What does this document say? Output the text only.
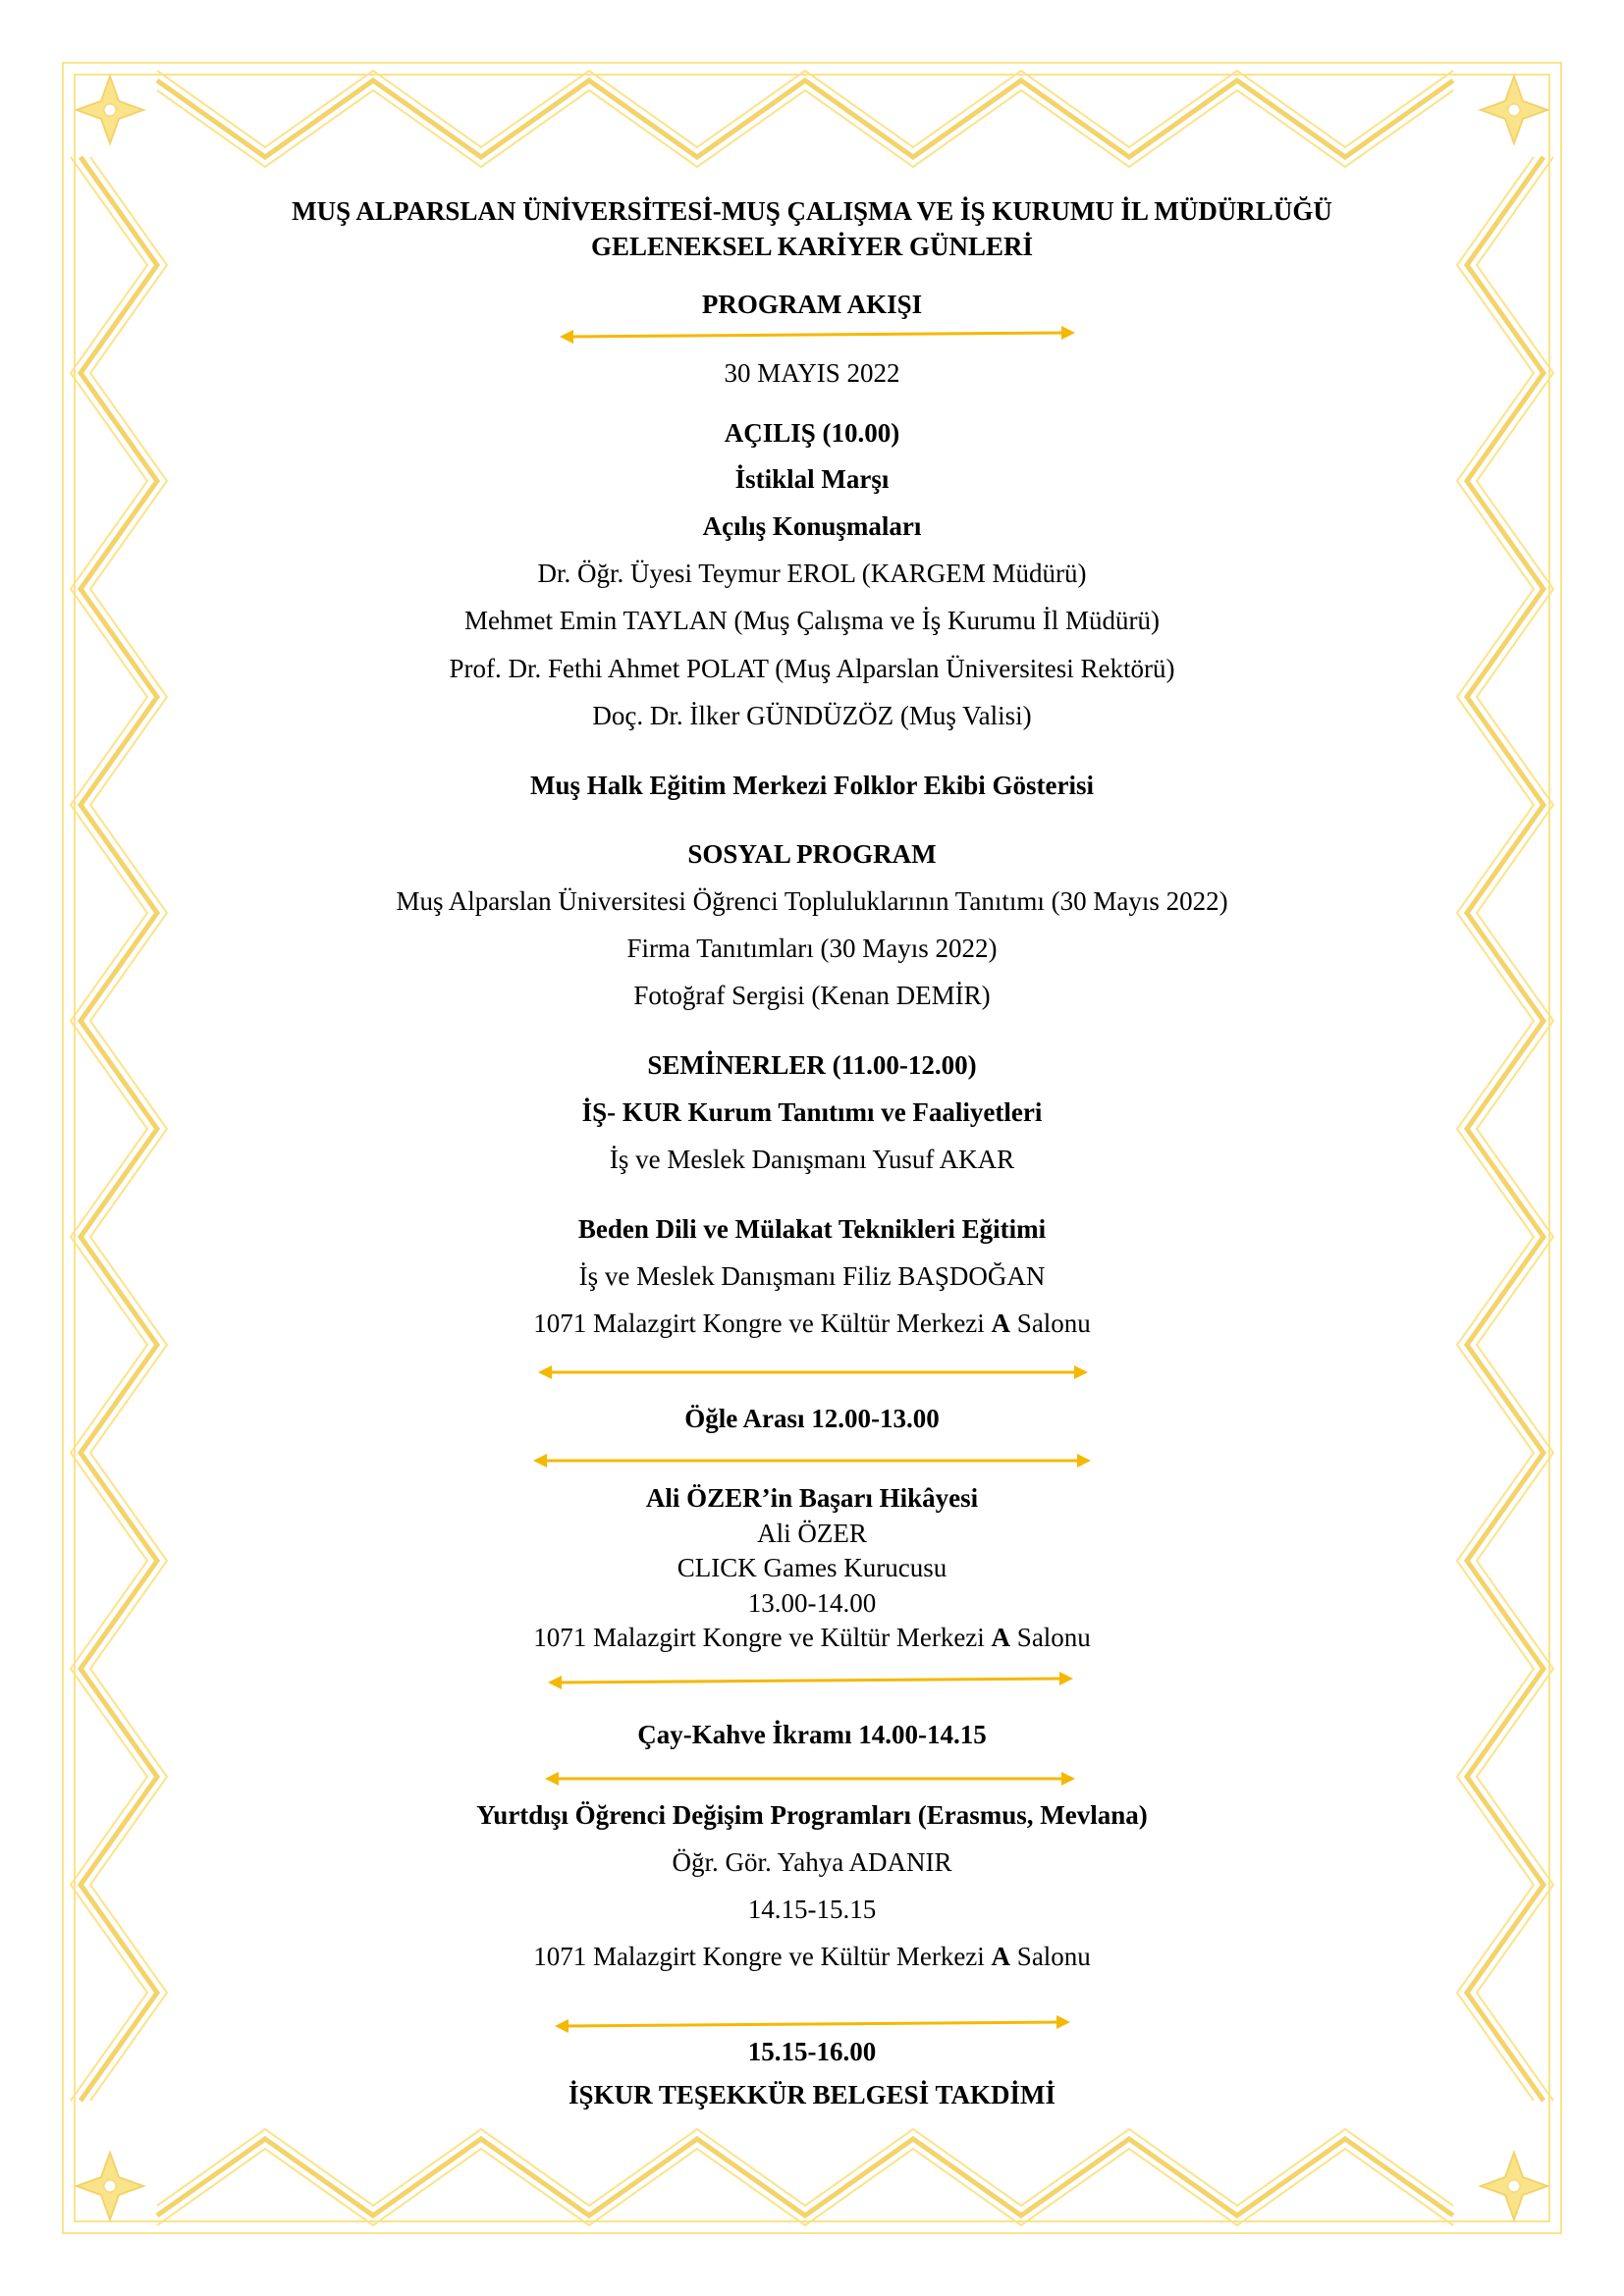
MUŞ ALPARSLAN ÜNİVERSİTESİ-MUŞ ÇALIŞMA VE İŞ KURUMU İL MÜDÜRLÜĞÜ
GELENEKSEL KARİYER GÜNLERİ
PROGRAM AKIŞI
30 MAYIS 2022
AÇILIŞ (10.00)
İstiklal Marşı
Açılış Konuşmaları
Dr. Öğr. Üyesi Teymur EROL (KARGEM Müdürü)
Mehmet Emin TAYLAN (Muş Çalışma ve İş Kurumu İl Müdürü)
Prof. Dr. Fethi Ahmet POLAT (Muş Alparslan Üniversitesi Rektörü)
Doç. Dr. İlker GÜNDÜZÖZ (Muş Valisi)
Muş Halk Eğitim Merkezi Folklor Ekibi Gösterisi
SOSYAL PROGRAM
Muş Alparslan Üniversitesi Öğrenci Topluluklarının Tanıtımı (30 Mayıs 2022)
Firma Tanıtımları (30 Mayıs 2022)
Fotoğraf Sergisi (Kenan DEMİR)
SEMİNERLER (11.00-12.00)
İŞ- KUR Kurum Tanıtımı ve Faaliyetleri
İş ve Meslek Danışmanı Yusuf AKAR
Beden Dili ve Mülakat Teknikleri Eğitimi
İş ve Meslek Danışmanı Filiz BAŞDOĞAN
1071 Malazgirt Kongre ve Kültür Merkezi A Salonu
Öğle Arası 12.00-13.00
Ali ÖZER’in Başarı Hikâyesi
Ali ÖZER
CLICK Games Kurucusu
13.00-14.00
1071 Malazgirt Kongre ve Kültür Merkezi A Salonu
Çay-Kahve İkramı 14.00-14.15
Yurtdışı Öğrenci Değişim Programları (Erasmus, Mevlana)
Öğr. Gör. Yahya ADANIR
14.15-15.15
1071 Malazgirt Kongre ve Kültür Merkezi A Salonu
15.15-16.00
İŞKUR TEŞEKKÜR BELGESİ TAKDİMİ
